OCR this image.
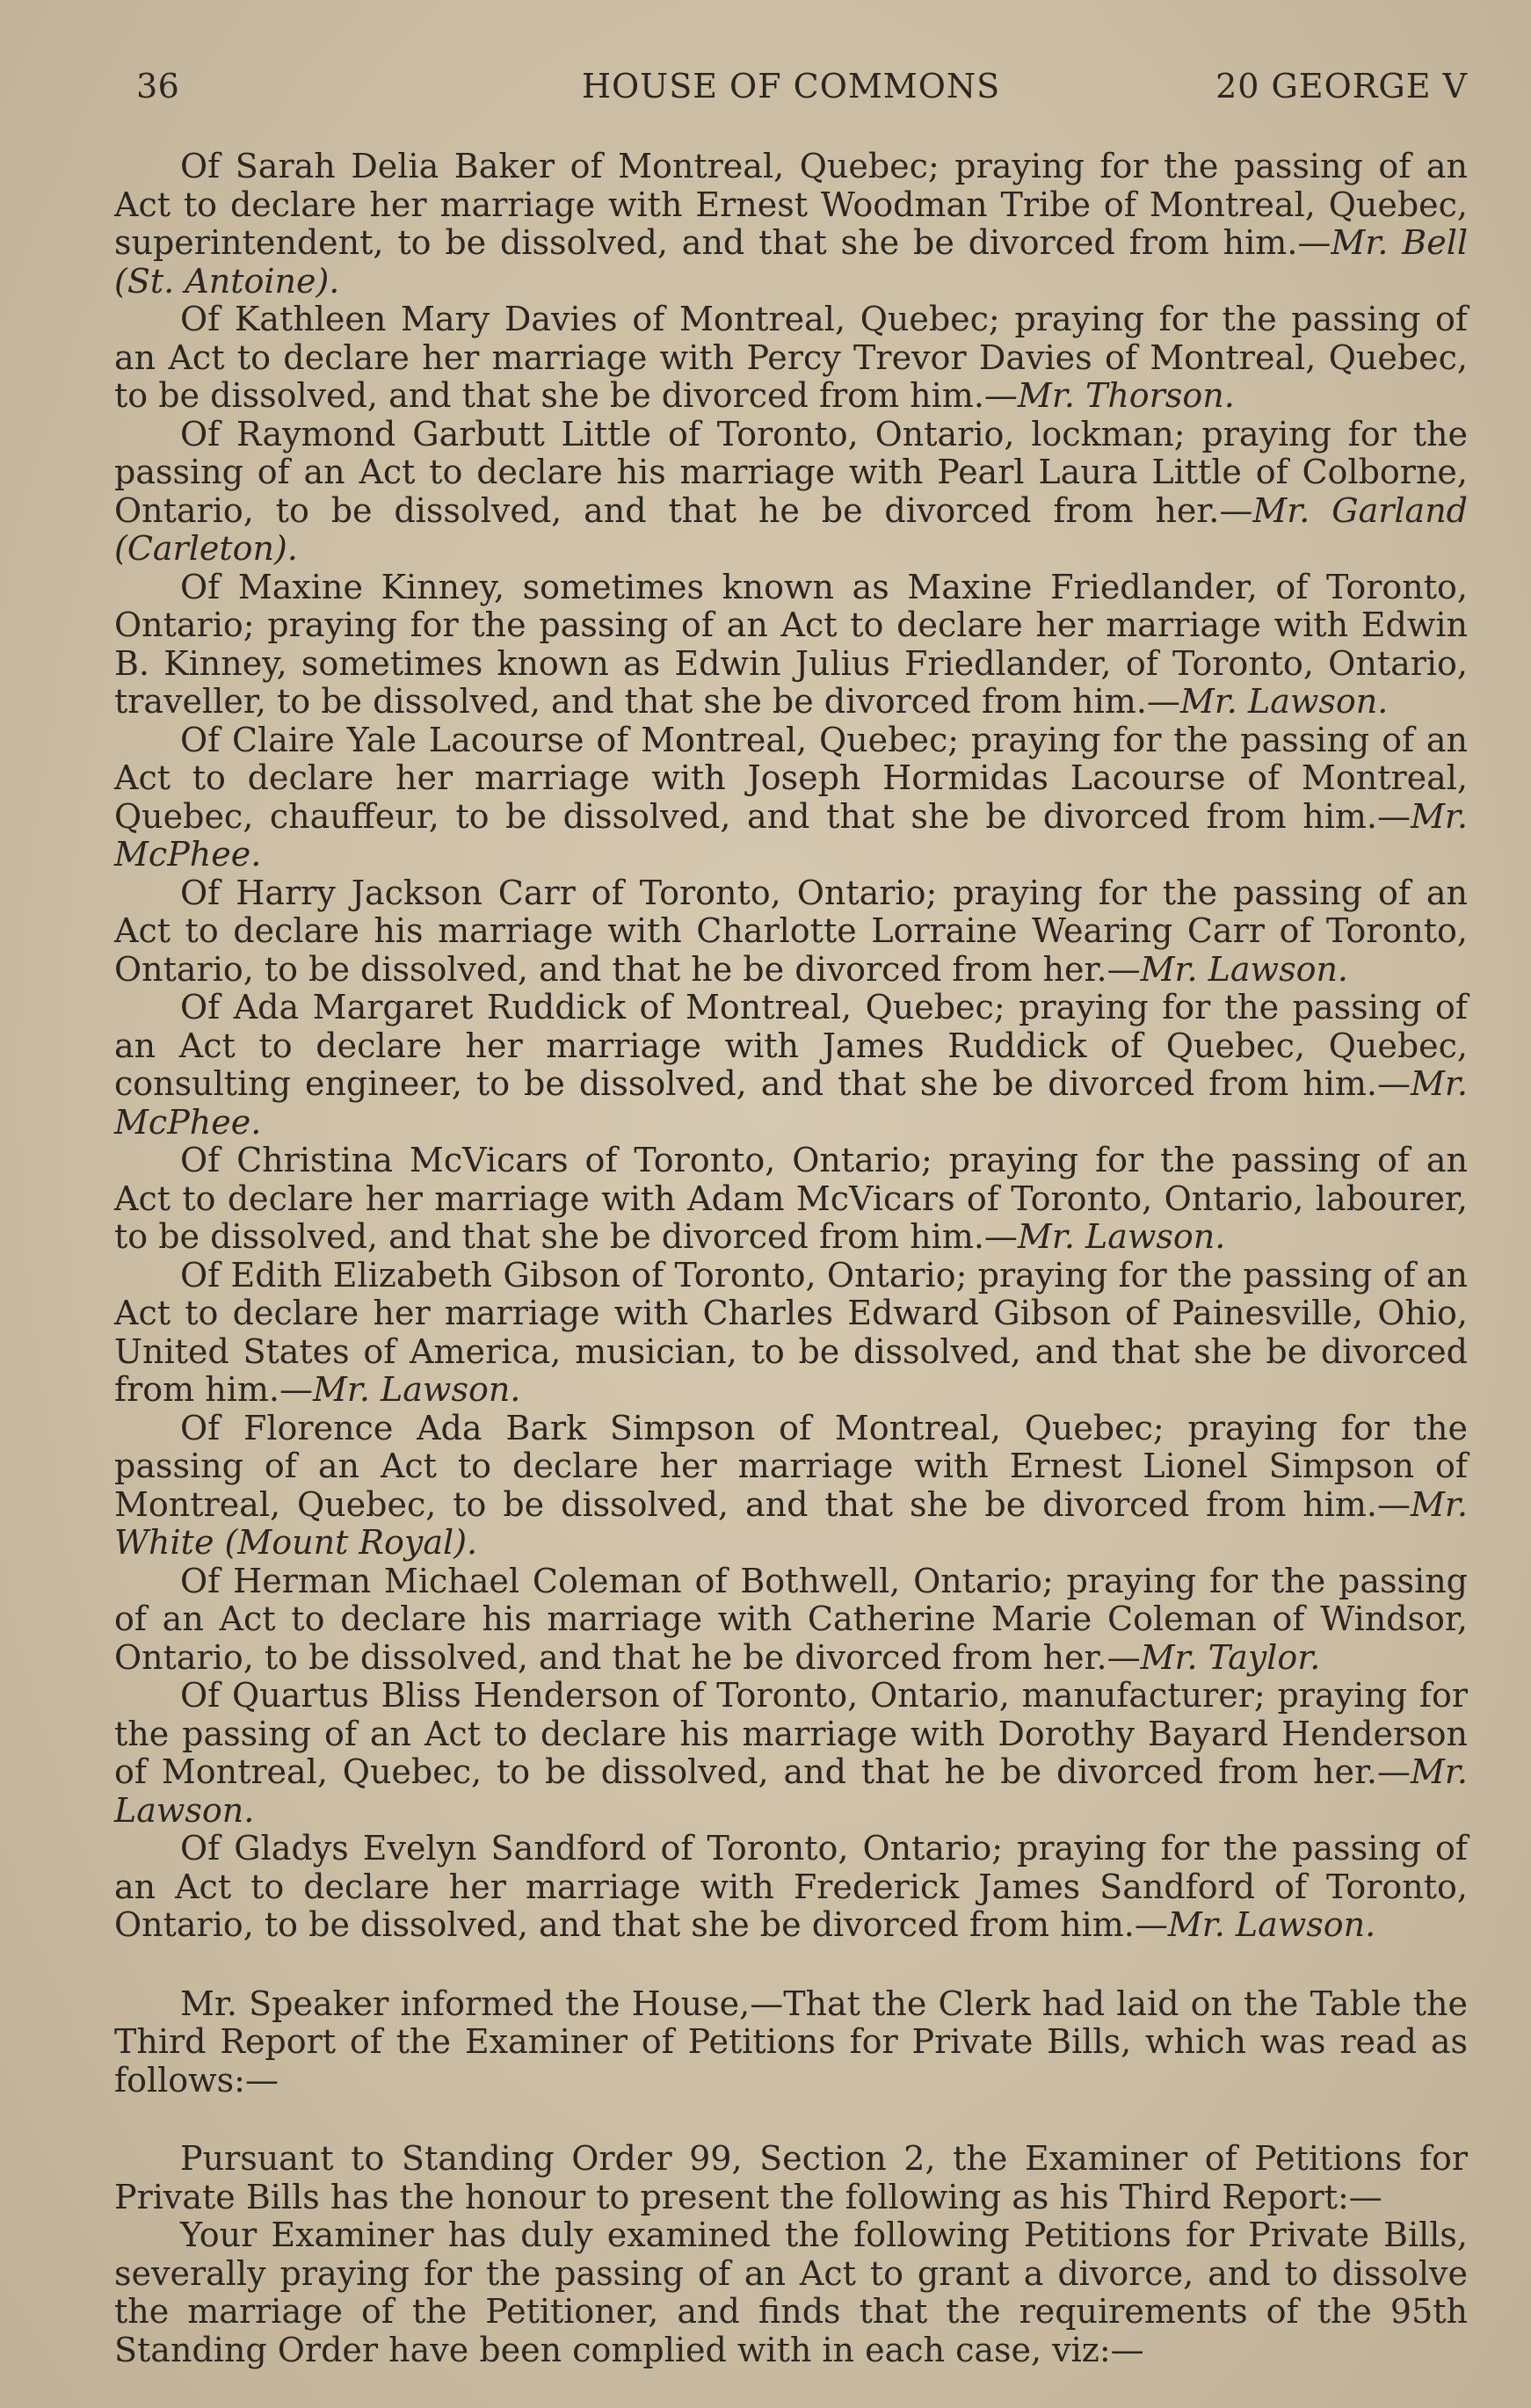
36	HOUSE OF COMMONS	20 GEORGE V

Of Sarah Delia Baker of Montreal, Quebec; praying for the passing of an Act to declare her marriage with Ernest Woodman Tribe of Montreal, Quebec, superintendent, to be dissolved, and that she be divorced from him.—Mr. Bell (St. Antoine).

Of Kathleen Mary Davies of Montreal, Quebec; praying for the passing of an Act to declare her marriage with Percy Trevor Davies of Montreal, Quebec, to be dissolved, and that she be divorced from him.—Mr. Thorson.

Of Raymond Garbutt Little of Toronto, Ontario, lockman; praying for the passing of an Act to declare his marriage with Pearl Laura Little of Colborne, Ontario, to be dissolved, and that he be divorced from her.—Mr. Garland (Carleton).

Of Maxine Kinney, sometimes known as Maxine Friedlander, of Toronto, Ontario; praying for the passing of an Act to declare her marriage with Edwin B. Kinney, sometimes known as Edwin Julius Friedlander, of Toronto, Ontario, traveller, to be dissolved, and that she be divorced from him.—Mr. Lawson.

Of Claire Yale Lacourse of Montreal, Quebec; praying for the passing of an Act to declare her marriage with Joseph Hormidas Lacourse of Montreal, Quebec, chauffeur, to be dissolved, and that she be divorced from him.—Mr. McPhee.

Of Harry Jackson Carr of Toronto, Ontario; praying for the passing of an Act to declare his marriage with Charlotte Lorraine Wearing Carr of Toronto, Ontario, to be dissolved, and that he be divorced from her.—Mr. Lawson.

Of Ada Margaret Ruddick of Montreal, Quebec; praying for the passing of an Act to declare her marriage with James Ruddick of Quebec, Quebec, consulting engineer, to be dissolved, and that she be divorced from him.—Mr. McPhee.

Of Christina McVicars of Toronto, Ontario; praying for the passing of an Act to declare her marriage with Adam McVicars of Toronto, Ontario, labourer, to be dissolved, and that she be divorced from him.—Mr. Lawson.

Of Edith Elizabeth Gibson of Toronto, Ontario; praying for the passing of an Act to declare her marriage with Charles Edward Gibson of Painesville, Ohio, United States of America, musician, to be dissolved, and that she be divorced from him.—Mr. Lawson.

Of Florence Ada Bark Simpson of Montreal, Quebec; praying for the passing of an Act to declare her marriage with Ernest Lionel Simpson of Montreal, Quebec, to be dissolved, and that she be divorced from him.—Mr. White (Mount Royal).

Of Herman Michael Coleman of Bothwell, Ontario; praying for the passing of an Act to declare his marriage with Catherine Marie Coleman of Windsor, Ontario, to be dissolved, and that he be divorced from her.—Mr. Taylor.

Of Quartus Bliss Henderson of Toronto, Ontario, manufacturer; praying for the passing of an Act to declare his marriage with Dorothy Bayard Henderson of Montreal, Quebec, to be dissolved, and that he be divorced from her.—Mr. Lawson.

Of Gladys Evelyn Sandford of Toronto, Ontario; praying for the passing of an Act to declare her marriage with Frederick James Sandford of Toronto, Ontario, to be dissolved, and that she be divorced from him.—Mr. Lawson.

Mr. Speaker informed the House,—That the Clerk had laid on the Table the Third Report of the Examiner of Petitions for Private Bills, which was read as follows:—

Pursuant to Standing Order 99, Section 2, the Examiner of Petitions for Private Bills has the honour to present the following as his Third Report:—

Your Examiner has duly examined the following Petitions for Private Bills, severally praying for the passing of an Act to grant a divorce, and to dissolve the marriage of the Petitioner, and finds that the requirements of the 95th Standing Order have been complied with in each case, viz:—
